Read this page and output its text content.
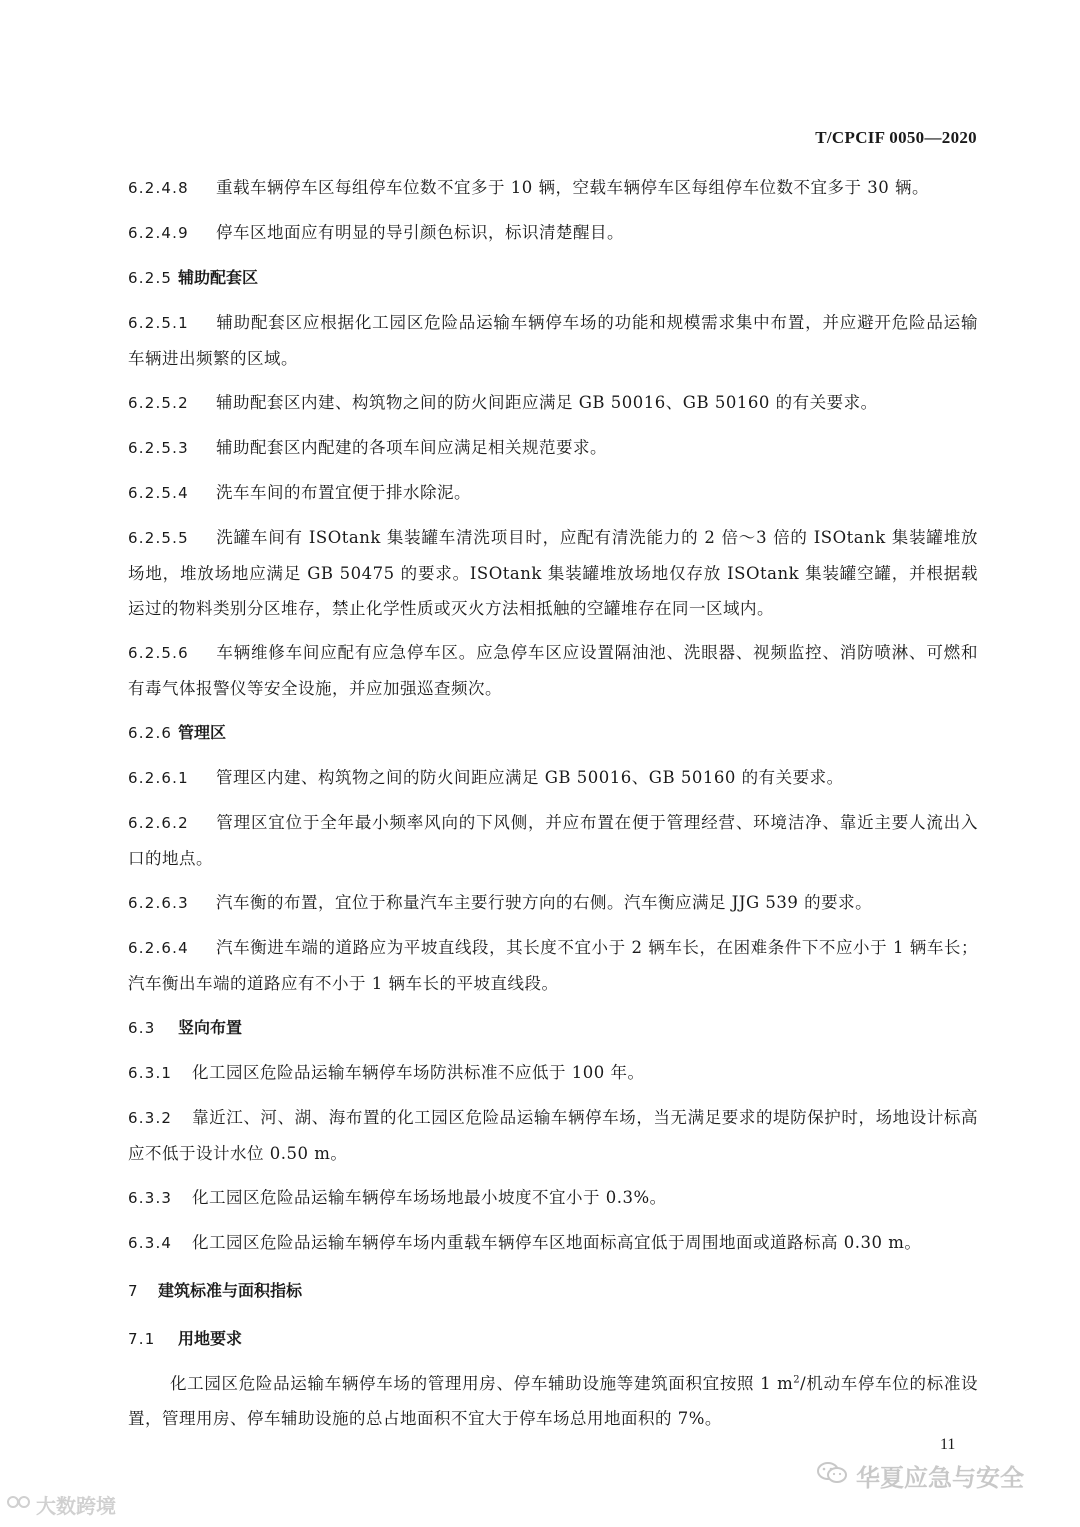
T/CPCIF 0050—2020

6.2.4.8 重载车辆停车区每组停车位数不宜多于 10 辆，空载车辆停车区每组停车位数不宜多于 30 辆。

6.2.4.9 停车区地面应有明显的导引颜色标识，标识清楚醒目。

6.2.5 辅助配套区

6.2.5.1 辅助配套区应根据化工园区危险品运输车辆停车场的功能和规模需求集中布置，并应避开危险品运输车辆进出频繁的区域。

6.2.5.2 辅助配套区内建、构筑物之间的防火间距应满足 GB 50016、GB 50160 的有关要求。

6.2.5.3 辅助配套区内配建的各项车间应满足相关规范要求。

6.2.5.4 洗车车间的布置宜便于排水除泥。

6.2.5.5 洗罐车间有 ISOtank 集装罐车清洗项目时，应配有清洗能力的 2 倍～3 倍的 ISOtank 集装罐堆放场地，堆放场地应满足 GB 50475 的要求。ISOtank 集装罐堆放场地仅存放 ISOtank 集装罐空罐，并根据载运过的物料类别分区堆存，禁止化学性质或灭火方法相抵触的空罐堆存在同一区域内。

6.2.5.6 车辆维修车间应配有应急停车区。应急停车区应设置隔油池、洗眼器、视频监控、消防喷淋、可燃和有毒气体报警仪等安全设施，并应加强巡查频次。

6.2.6 管理区

6.2.6.1 管理区内建、构筑物之间的防火间距应满足 GB 50016、GB 50160 的有关要求。

6.2.6.2 管理区宜位于全年最小频率风向的下风侧，并应布置在便于管理经营、环境洁净、靠近主要人流出入口的地点。

6.2.6.3 汽车衡的布置，宜位于称量汽车主要行驶方向的右侧。汽车衡应满足 JJG 539 的要求。

6.2.6.4 汽车衡进车端的道路应为平坡直线段，其长度不宜小于 2 辆车长，在困难条件下不应小于 1 辆车长；汽车衡出车端的道路应有不小于 1 辆车长的平坡直线段。

6.3 竖向布置

6.3.1 化工园区危险品运输车辆停车场防洪标准不应低于 100 年。

6.3.2 靠近江、河、湖、海布置的化工园区危险品运输车辆停车场，当无满足要求的堤防保护时，场地设计标高应不低于设计水位 0.50 m。

6.3.3 化工园区危险品运输车辆停车场场地最小坡度不宜小于 0.3%。

6.3.4 化工园区危险品运输车辆停车场内重载车辆停车区地面标高宜低于周围地面或道路标高 0.30 m。

7 建筑标准与面积指标

7.1 用地要求

化工园区危险品运输车辆停车场的管理用房、停车辅助设施等建筑面积宜按照 1 $m^2/$机动车停车位的标准设置，管理用房、停车辅助设施的总占地面积不宜大于停车场总用地面积的 7%。

11
大数跨境
华夏应急与安全
